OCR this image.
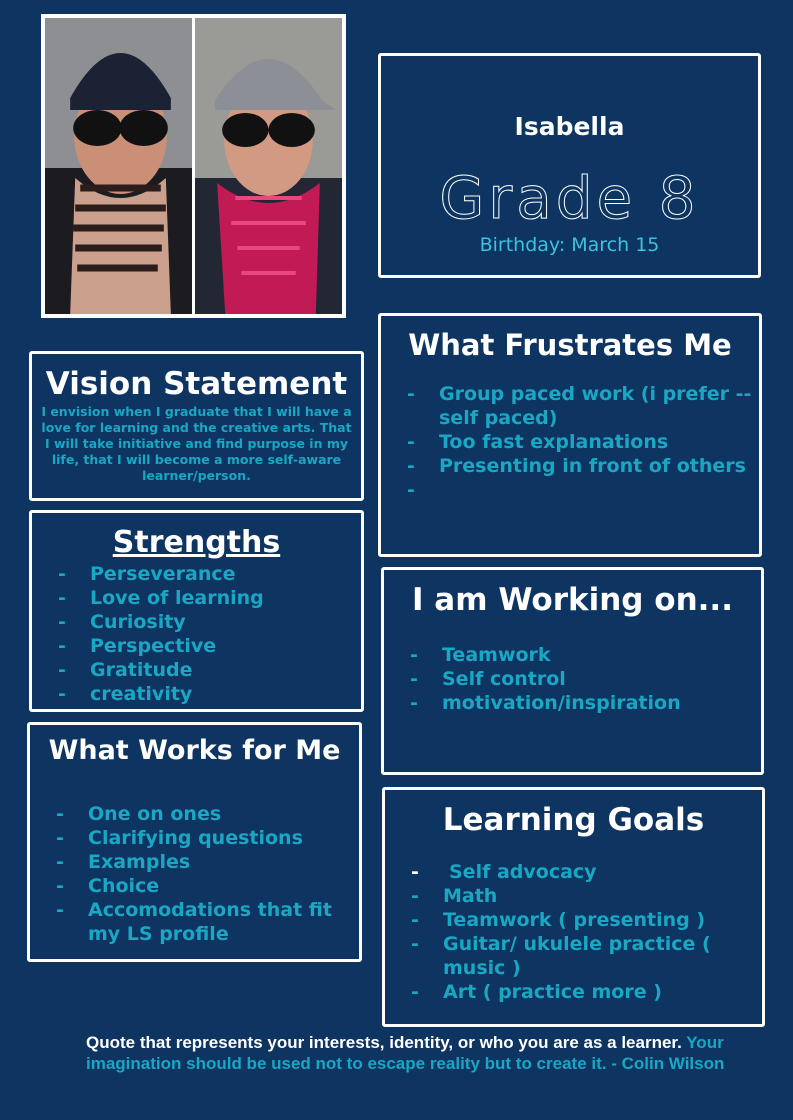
Isabella
Grade 8
Birthday: March 15
Vision Statement
I envision when I graduate that I will have a love for learning and the creative arts. That I will take initiative and find purpose in my life, that I will become a more self-aware learner/person.
Strengths
- Perseverance
- Love of learning
- Curiosity
- Perspective
- Gratitude
- creativity
What Works for Me
- One on ones
- Clarifying questions
- Examples
- Choice
- Accomodations that fit my LS profile
What Frustrates Me
- Group paced work (i prefer -- self paced)
- Too fast explanations
- Presenting in front of others
-
I am Working on...
- Teamwork
- Self control
- motivation/inspiration
Learning Goals
- Self advocacy
- Math
- Teamwork ( presenting )
- Guitar/ ukulele practice ( music )
- Art ( practice more )
Quote that represents your interests, identity, or who you are as a learner. Your imagination should be used not to escape reality but to create it. - Colin Wilson
